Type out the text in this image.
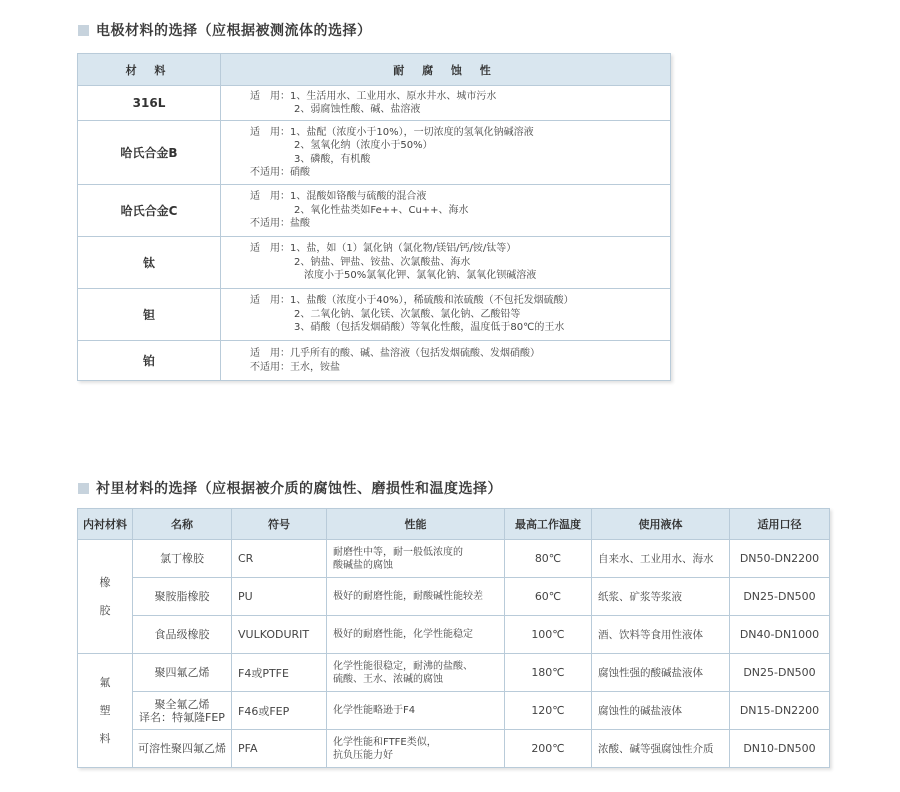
电极材料的选择（应根据被测流体的选择）
材 料	耐 腐 蚀 性
316L	适　用：1、生活用水、工业用水、原水井水、城市污水
2、弱腐蚀性酸、碱、盐溶液

哈氏合金B	适　用：1、盐配（浓度小于10%），一切浓度的氢氧化钠碱溶液
2、氢氧化纳（浓度小于50%）
3、磷酸，有机酸
不适用：硝酸

哈氏合金C	适　用：1、混酸如铬酸与硫酸的混合液
2、氧化性盐类如Fe++、Cu++、海水
不适用：盐酸

钛	适　用：1、盐，如（1）氯化钠（氯化物/镁铝/钙/铵/钛等）
2、钠盐、钾盐、铵盐、次氯酸盐、海水
浓度小于50%氯氧化钾、氯氧化钠、氯氧化钡碱溶液

钽	适　用：1、盐酸（浓度小于40%），稀硫酸和浓硫酸（不包托发烟硫酸）
2、二氧化钠、氯化镁、次氯酸、氯化钠、乙酸铅等
3、硝酸（包括发烟硝酸）等氧化性酸，温度低于80℃的王水

铂	适　用：几乎所有的酸、碱、盐溶液（包括发烟硫酸、发烟硝酸）
不适用：王水，铵盐
衬里材料的选择（应根据被介质的腐蚀性、磨损性和温度选择）
内衬材料	名称	符号	性能	最高工作温度	使用液体	适用口径

橡
胶	氯丁橡胶	CR	耐磨性中等，耐一般低浓度的
酸碱盐的腐蚀	80℃	自来水、工业用水、海水	DN50-DN2200

	聚胺脂橡胶	PU	极好的耐磨性能，耐酸碱性能较差	60℃	纸浆、矿浆等浆液	DN25-DN500

	食品级橡胶	VULKODURIT	极好的耐磨性能，化学性能稳定	100℃	酒、饮料等食用性液体	DN40-DN1000

氟
塑
料	聚四氟乙烯	F4或PTFE	化学性能很稳定，耐沸的盐酸、
硫酸、王水、浓碱的腐蚀	180℃	腐蚀性强的酸碱盐液体	DN25-DN500

	聚全氟乙烯
译名：特氟隆FEP	F46或FEP	化学性能略逊于F4	120℃	腐蚀性的碱盐液体	DN15-DN2200

	可溶性聚四氟乙烯	PFA	化学性能和FTFE类似，
抗负压能力好	200℃	浓酸、碱等强腐蚀性介质	DN10-DN500
